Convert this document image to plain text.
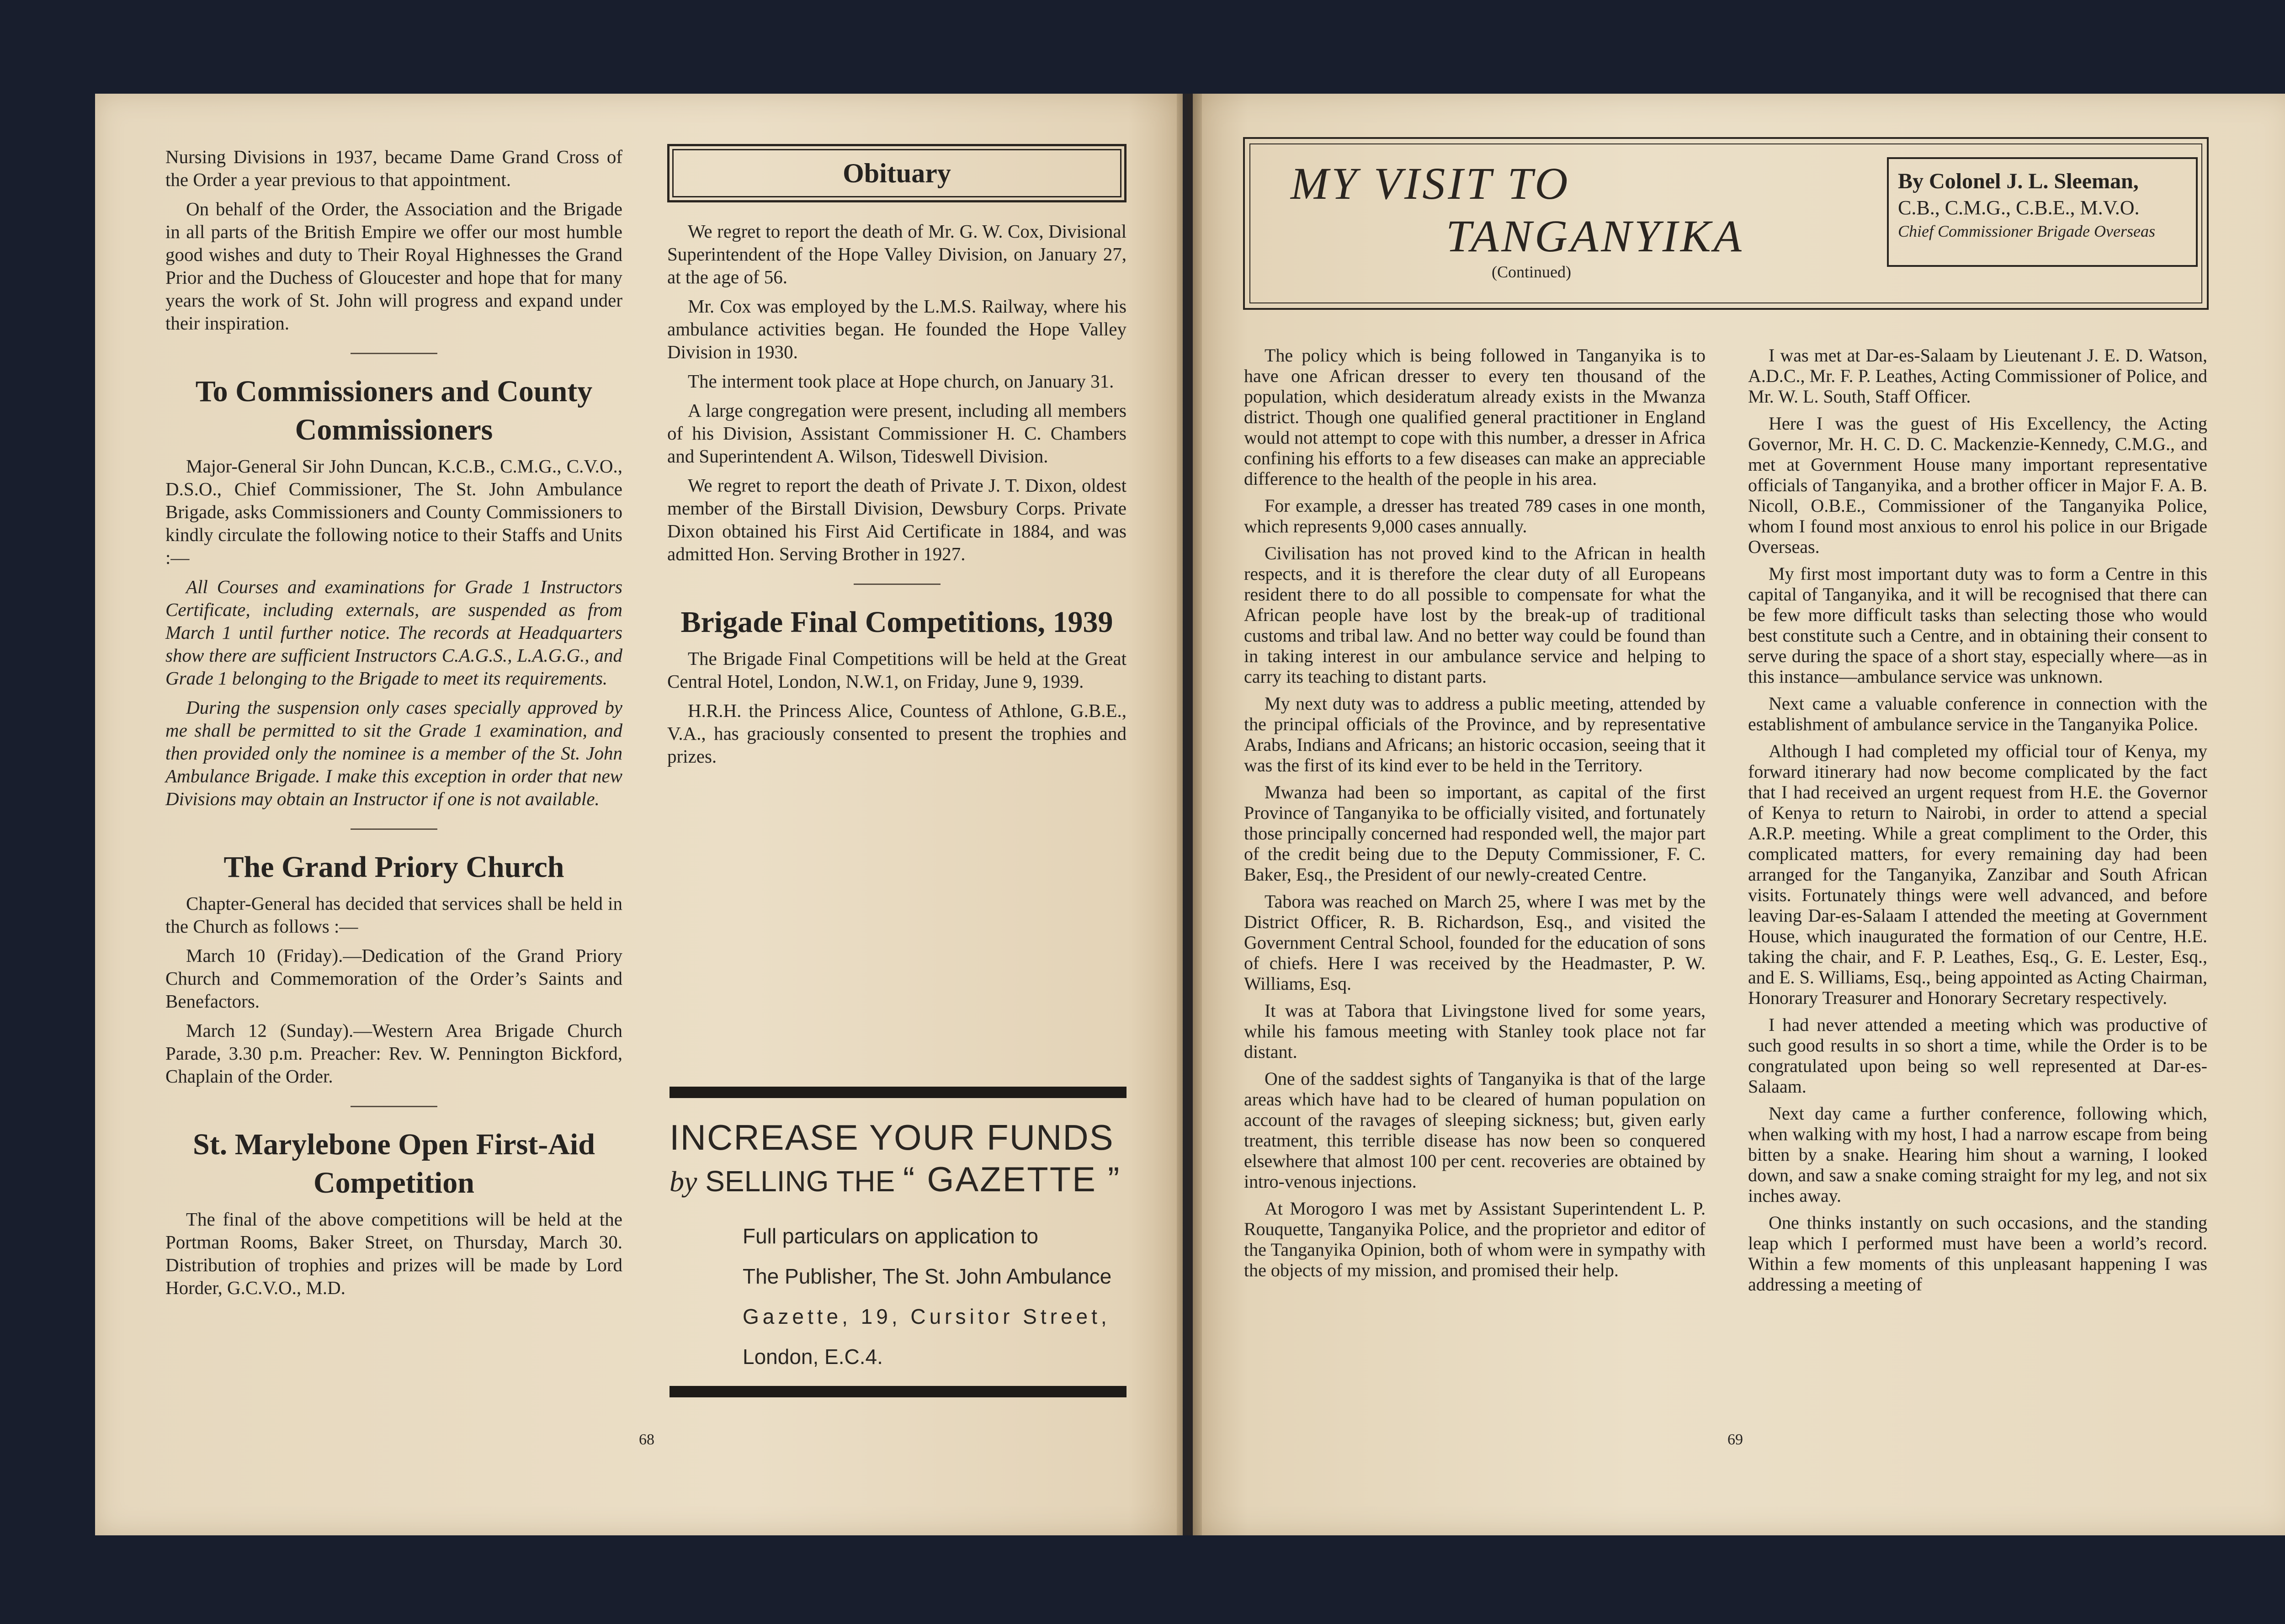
Nursing Divisions in 1937, became Dame Grand Cross of the Order a year previous to that appointment.

On behalf of the Order, the Association and the Brigade in all parts of the British Empire we offer our most humble good wishes and duty to Their Royal Highnesses the Grand Prior and the Duchess of Gloucester and hope that for many years the work of St. John will progress and expand under their inspiration.

To Commissioners and County Commissioners

Major-General Sir John Duncan, K.C.B., C.M.G., C.V.O., D.S.O., Chief Commissioner, The St. John Ambulance Brigade, asks Commissioners and County Commissioners to kindly circulate the following notice to their Staffs and Units :—

All Courses and examinations for Grade 1 Instructors Certificate, including externals, are suspended as from March 1 until further notice. The records at Headquarters show there are sufficient Instructors C.A.G.S., L.A.G.G., and Grade 1 belonging to the Brigade to meet its requirements.

During the suspension only cases specially approved by me shall be permitted to sit the Grade 1 examination, and then provided only the nominee is a member of the St. John Ambulance Brigade. I make this exception in order that new Divisions may obtain an Instructor if one is not available.

The Grand Priory Church

Chapter-General has decided that services shall be held in the Church as follows :—

March 10 (Friday).—Dedication of the Grand Priory Church and Commemoration of the Order’s Saints and Benefactors.

March 12 (Sunday).—Western Area Brigade Church Parade, 3.30 p.m. Preacher: Rev. W. Pennington Bickford, Chaplain of the Order.

St. Marylebone Open First-Aid Competition

The final of the above competitions will be held at the Portman Rooms, Baker Street, on Thursday, March 30. Distribution of trophies and prizes will be made by Lord Horder, G.C.V.O., M.D.

Obituary

We regret to report the death of Mr. G. W. Cox, Divisional Superintendent of the Hope Valley Division, on January 27, at the age of 56.

Mr. Cox was employed by the L.M.S. Railway, where his ambulance activities began. He founded the Hope Valley Division in 1930.

The interment took place at Hope church, on January 31.

A large congregation were present, including all members of his Division, Assistant Commissioner H. C. Chambers and Superintendent A. Wilson, Tideswell Division.

We regret to report the death of Private J. T. Dixon, oldest member of the Birstall Division, Dewsbury Corps. Private Dixon obtained his First Aid Certificate in 1884, and was admitted Hon. Serving Brother in 1927.

Brigade Final Competitions, 1939

The Brigade Final Competitions will be held at the Great Central Hotel, London, N.W.1, on Friday, June 9, 1939.

H.R.H. the Princess Alice, Countess of Athlone, G.B.E., V.A., has graciously consented to present the trophies and prizes.

INCREASE YOUR FUNDS
by SELLING THE “ GAZETTE ”
Full particulars on application to
The Publisher, The St. John Ambulance
Gazette, 19, Cursitor Street,
London, E.C.4.
68
MY VISIT TO
TANGANYIKA
(Continued)
By Colonel J. L. Sleeman,
C.B., C.M.G., C.B.E., M.V.O.
Chief Commissioner Brigade Overseas

The policy which is being followed in Tanganyika is to have one African dresser to every ten thousand of the population, which desideratum already exists in the Mwanza district. Though one qualified general practitioner in England would not attempt to cope with this number, a dresser in Africa confining his efforts to a few diseases can make an appreciable difference to the health of the people in his area.

For example, a dresser has treated 789 cases in one month, which represents 9,000 cases annually.

Civilisation has not proved kind to the African in health respects, and it is therefore the clear duty of all Europeans resident there to do all possible to compensate for what the African people have lost by the break-up of traditional customs and tribal law. And no better way could be found than in taking interest in our ambulance service and helping to carry its teaching to distant parts.

My next duty was to address a public meeting, attended by the principal officials of the Province, and by representative Arabs, Indians and Africans; an historic occasion, seeing that it was the first of its kind ever to be held in the Territory.

Mwanza had been so important, as capital of the first Province of Tanganyika to be officially visited, and fortunately those principally concerned had responded well, the major part of the credit being due to the Deputy Commissioner, F. C. Baker, Esq., the President of our newly-created Centre.

Tabora was reached on March 25, where I was met by the District Officer, R. B. Richardson, Esq., and visited the Government Central School, founded for the education of sons of chiefs. Here I was received by the Headmaster, P. W. Williams, Esq.

It was at Tabora that Livingstone lived for some years, while his famous meeting with Stanley took place not far distant.

One of the saddest sights of Tanganyika is that of the large areas which have had to be cleared of human population on account of the ravages of sleeping sickness; but, given early treatment, this terrible disease has now been so conquered elsewhere that almost 100 per cent. recoveries are obtained by intro-venous injections.

At Morogoro I was met by Assistant Superintendent L. P. Rouquette, Tanganyika Police, and the proprietor and editor of the Tanganyika Opinion, both of whom were in sympathy with the objects of my mission, and promised their help.

I was met at Dar-es-Salaam by Lieutenant J. E. D. Watson, A.D.C., Mr. F. P. Leathes, Acting Commissioner of Police, and Mr. W. L. South, Staff Officer.

Here I was the guest of His Excellency, the Acting Governor, Mr. H. C. D. C. Mackenzie-Kennedy, C.M.G., and met at Government House many important representative officials of Tanganyika, and a brother officer in Major F. A. B. Nicoll, O.B.E., Commissioner of the Tanganyika Police, whom I found most anxious to enrol his police in our Brigade Overseas.

My first most important duty was to form a Centre in this capital of Tanganyika, and it will be recognised that there can be few more difficult tasks than selecting those who would best constitute such a Centre, and in obtaining their consent to serve during the space of a short stay, especially where—as in this instance—ambulance service was unknown.

Next came a valuable conference in connection with the establishment of ambulance service in the Tanganyika Police.

Although I had completed my official tour of Kenya, my forward itinerary had now become complicated by the fact that I had received an urgent request from H.E. the Governor of Kenya to return to Nairobi, in order to attend a special A.R.P. meeting. While a great compliment to the Order, this complicated matters, for every remaining day had been arranged for the Tanganyika, Zanzibar and South African visits. Fortunately things were well advanced, and before leaving Dar-es-Salaam I attended the meeting at Government House, which inaugurated the formation of our Centre, H.E. taking the chair, and F. P. Leathes, Esq., G. E. Lester, Esq., and E. S. Williams, Esq., being appointed as Acting Chairman, Honorary Treasurer and Honorary Secretary respectively.

I had never attended a meeting which was productive of such good results in so short a time, while the Order is to be congratulated upon being so well represented at Dar-es-Salaam.

Next day came a further conference, following which, when walking with my host, I had a narrow escape from being bitten by a snake. Hearing him shout a warning, I looked down, and saw a snake coming straight for my leg, and not six inches away.

One thinks instantly on such occasions, and the standing leap which I performed must have been a world’s record. Within a few moments of this unpleasant happening I was addressing a meeting of

69
